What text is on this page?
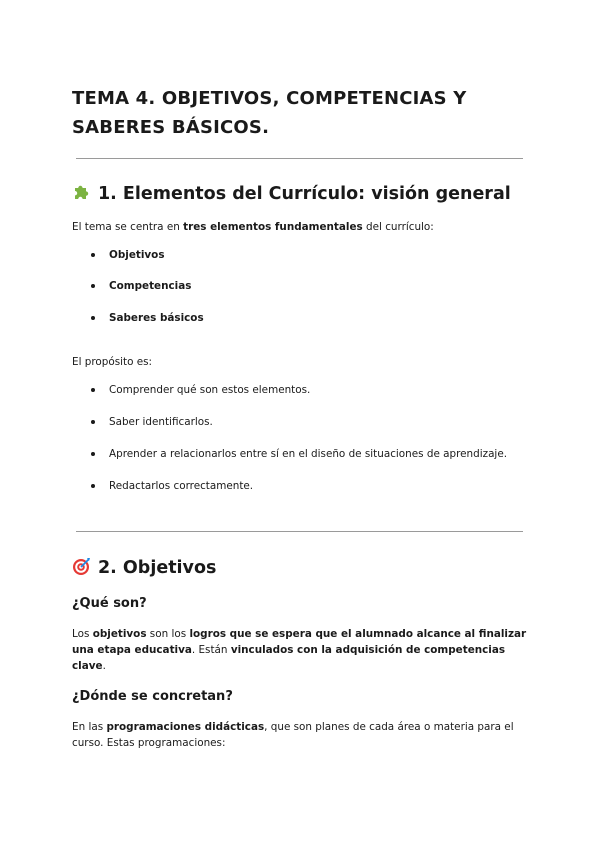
TEMA 4. OBJETIVOS, COMPETENCIAS Y SABERES BÁSICOS.
1. Elementos del Currículo: visión general

El tema se centra en tres elementos fundamentales del currículo:

Objetivos
Competencias
Saberes básicos

El propósito es:

Comprender qué son estos elementos.
Saber identificarlos.
Aprender a relacionarlos entre sí en el diseño de situaciones de aprendizaje.
Redactarlos correctamente.
2. Objetivos
¿Qué son?

Los objetivos son los logros que se espera que el alumnado alcance al finalizar una etapa educativa. Están vinculados con la adquisición de competencias clave.

¿Dónde se concretan?

En las programaciones didácticas, que son planes de cada área o materia para el curso. Estas programaciones:
